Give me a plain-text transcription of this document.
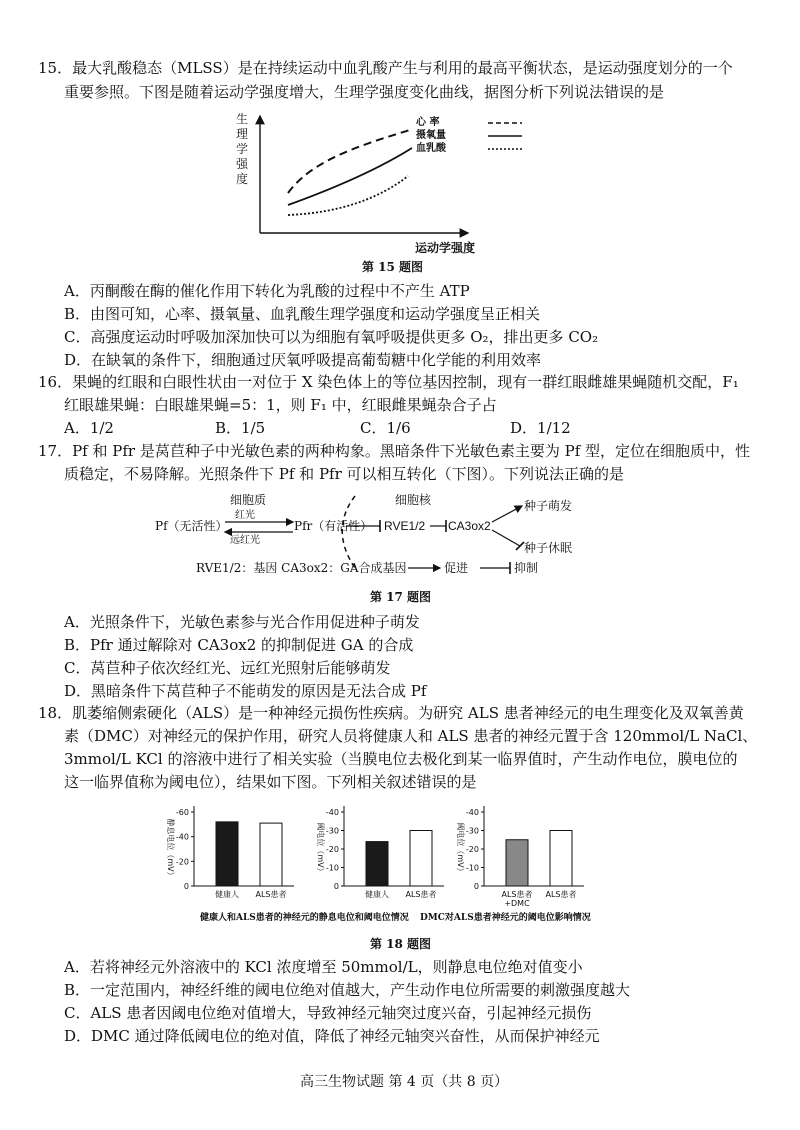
15．最大乳酸稳态（MLSS）是在持续运动中血乳酸产生与利用的最高平衡状态，是运动强度划分的一个
重要参照。下图是随着运动学强度增大，生理学强度变化曲线，据图分析下列说法错误的是
生理学强度
心 率
摄氧量
血乳酸
运动学强度
第 15 题图
A．丙酮酸在酶的催化作用下转化为乳酸的过程中不产生 ATP
B．由图可知，心率、摄氧量、血乳酸生理学强度和运动学强度呈正相关
C．高强度运动时呼吸加深加快可以为细胞有氧呼吸提供更多 O₂，排出更多 CO₂
D．在缺氧的条件下，细胞通过厌氧呼吸提高葡萄糖中化学能的利用效率
16．果蝇的红眼和白眼性状由一对位于 X 染色体上的等位基因控制，现有一群红眼雌雄果蝇随机交配，F₁
红眼雄果蝇：白眼雄果蝇=5：1，则 F₁ 中，红眼雌果蝇杂合子占
A．1/2	B．1/5	C．1/6	D．1/12
17．Pf 和 Pfr 是莴苣种子中光敏色素的两种构象。黑暗条件下光敏色素主要为 Pf 型，定位在细胞质中，性
质稳定，不易降解。光照条件下 Pf 和 Pfr 可以相互转化（下图）。下列说法正确的是
细胞质	细胞核
红光
远红光
Pf（无活性）	Pfr（有活性） RVE1/2 CA3ox2
种子萌发
种子休眠
RVE1/2：基因 CA3ox2：GA合成基因	促进	抑制
第 17 题图
A．光照条件下，光敏色素参与光合作用促进种子萌发
B．Pfr 通过解除对 CA3ox2 的抑制促进 GA 的合成
C．莴苣种子依次经红光、远红光照射后能够萌发
D．黑暗条件下莴苣种子不能萌发的原因是无法合成 Pf
18．肌萎缩侧索硬化（ALS）是一种神经元损伤性疾病。为研究 ALS 患者神经元的电生理变化及双氧善黄
素（DMC）对神经元的保护作用，研究人员将健康人和 ALS 患者的神经元置于含 120mmol/L NaCl、
3mmol/L KCl 的溶液中进行了相关实验（当膜电位去极化到某一临界值时，产生动作电位，膜电位的
这一临界值称为阈电位），结果如下图。下列相关叙述错误的是
静息电位（mV）
-60
-40
-20
0
健康人 ALS患者
阈电位（mV）
-40
-30
-20
-10
0
健康人 ALS患者
阈电位（mV）
-40
-30
-20
-10
0
ALS患者
+DMC
ALS患者
健康人和ALS患者的神经元的静息电位和阈电位情况 DMC对ALS患者神经元的阈电位影响情况
第 18 题图
A．若将神经元外溶液中的 KCl 浓度增至 50mmol/L，则静息电位绝对值变小
B．一定范围内，神经纤维的阈电位绝对值越大，产生动作电位所需要的刺激强度越大
C．ALS 患者因阈电位绝对值增大，导致神经元轴突过度兴奋，引起神经元损伤
D．DMC 通过降低阈电位的绝对值，降低了神经元轴突兴奋性，从而保护神经元
高三生物试题 第 4 页（共 8 页）
